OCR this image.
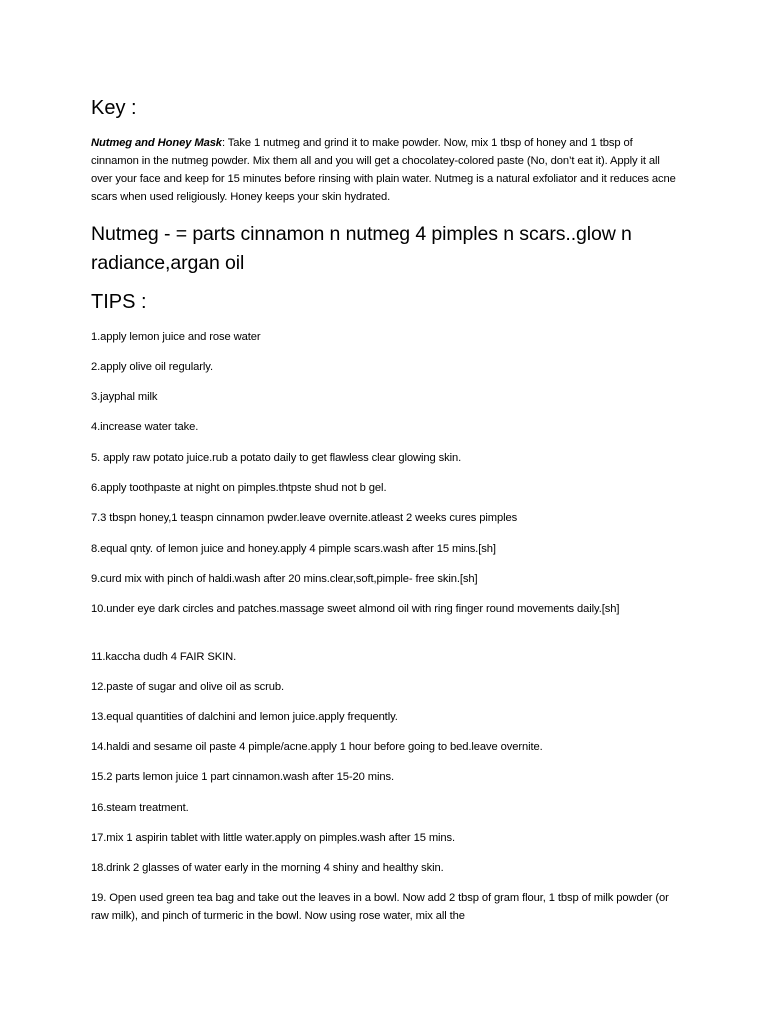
Key :

Nutmeg and Honey Mask: Take 1 nutmeg and grind it to make powder. Now, mix 1 tbsp of honey and 1 tbsp of cinnamon in the nutmeg powder. Mix them all and you will get a chocolatey-colored paste (No, don’t eat it). Apply it all over your face and keep for 15 minutes before rinsing with plain water. Nutmeg is a natural exfoliator and it reduces acne scars when used religiously. Honey keeps your skin hydrated.

Nutmeg - = parts cinnamon n nutmeg 4 pimples n scars..glow n radiance,argan oil

TIPS :
1.apply lemon juice and rose water
2.apply olive oil regularly.
3.jayphal milk
4.increase water take.
5. apply raw potato juice.rub a potato daily to get flawless clear glowing skin.
6.apply toothpaste at night on pimples.thtpste shud not b gel.
7.3 tbspn honey,1 teaspn cinnamon pwder.leave overnite.atleast 2 weeks cures pimples
8.equal qnty. of lemon juice and honey.apply 4 pimple scars.wash after 15 mins.[sh]
9.curd mix with pinch of haldi.wash after 20 mins.clear,soft,pimple- free skin.[sh]
10.under eye dark circles and patches.massage sweet almond oil with ring finger round movements daily.[sh]
11.kaccha dudh 4 FAIR SKIN.
12.paste of sugar and olive oil as scrub.
13.equal quantities of dalchini and lemon juice.apply frequently.
14.haldi and sesame oil paste 4 pimple/acne.apply 1 hour before going to bed.leave overnite.
15.2 parts lemon juice 1 part cinnamon.wash after 15-20 mins.
16.steam treatment.
17.mix 1 aspirin tablet with little water.apply on pimples.wash after 15 mins.
18.drink 2 glasses of water early in the morning 4 shiny and healthy skin.
19. Open used green tea bag and take out the leaves in a bowl. Now add 2 tbsp of gram flour, 1 tbsp of milk powder (or raw milk), and pinch of turmeric in the bowl. Now using rose water, mix all the
